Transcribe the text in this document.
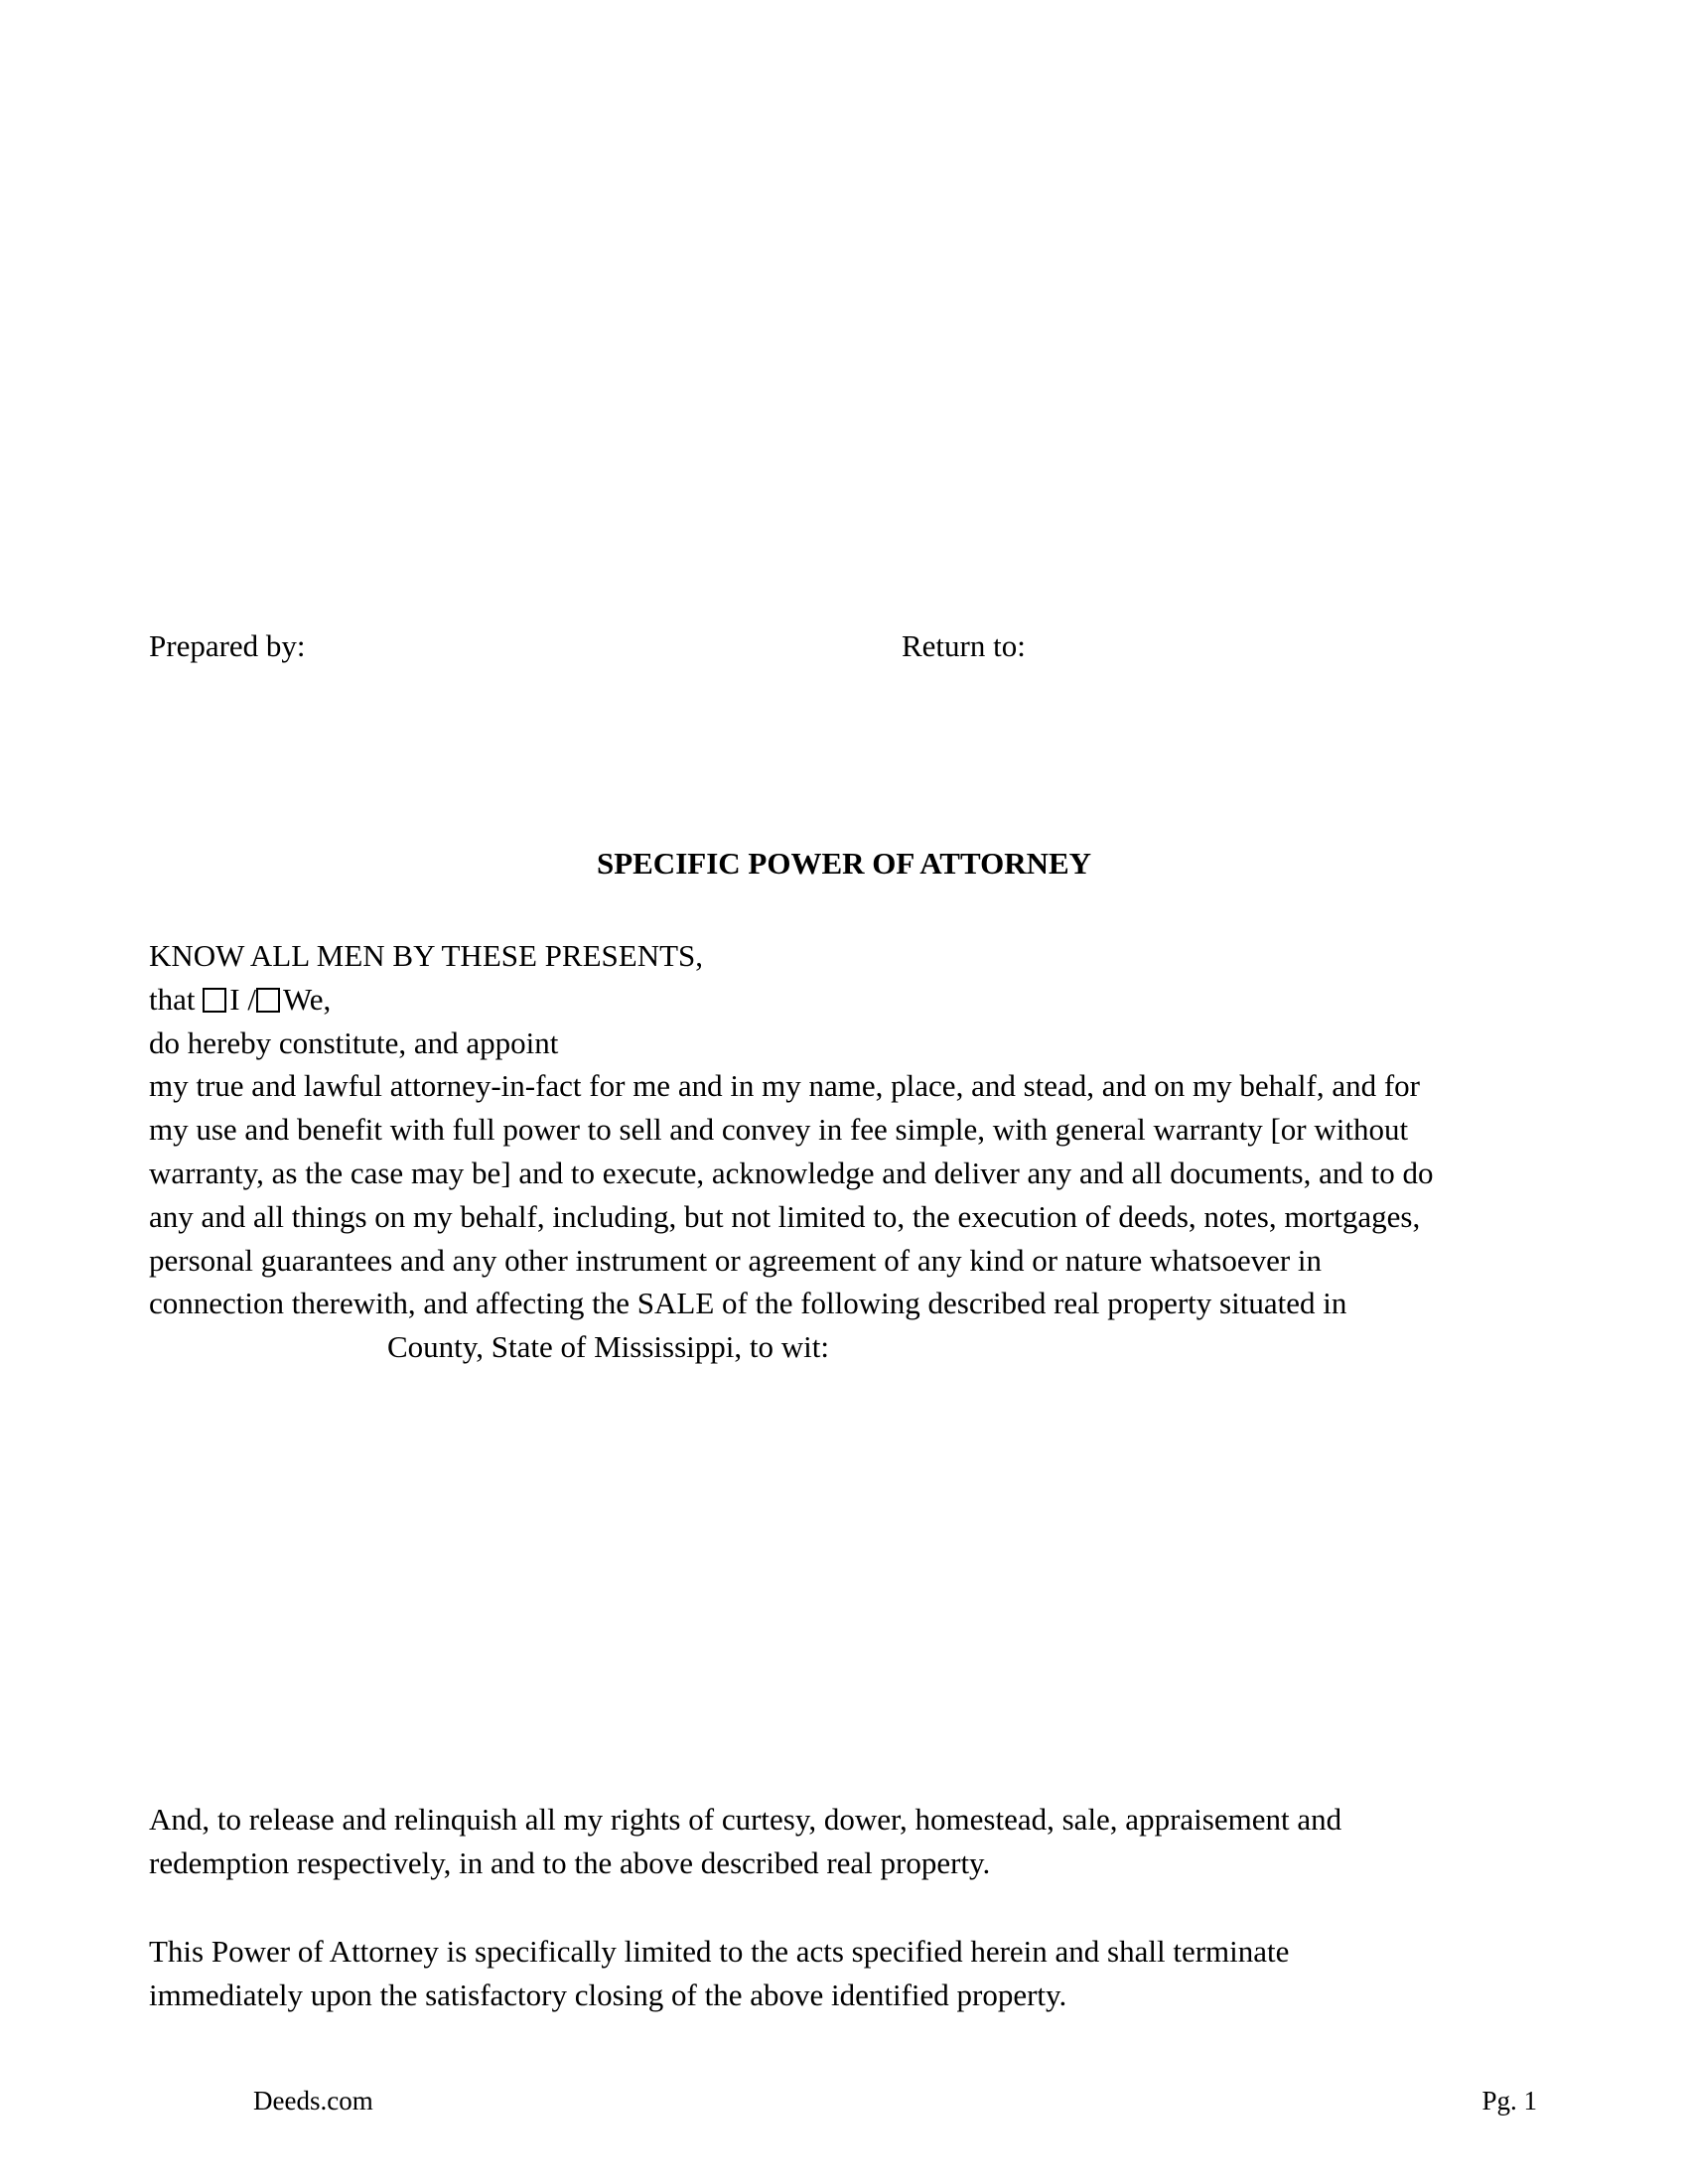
Prepared by:	Return to:
SPECIFIC POWER OF ATTORNEY
KNOW ALL MEN BY THESE PRESENTS,
that I / We,
do hereby constitute, and appoint
my true and lawful attorney-in-fact for me and in my name, place, and stead, and on my behalf, and for
my use and benefit with full power to sell and convey in fee simple, with general warranty [or without
warranty, as the case may be] and to execute, acknowledge and deliver any and all documents, and to do
any and all things on my behalf, including, but not limited to, the execution of deeds, notes, mortgages,
personal guarantees and any other instrument or agreement of any kind or nature whatsoever in
connection therewith, and affecting the SALE of the following described real property situated in
County, State of Mississippi, to wit:
And, to release and relinquish all my rights of curtesy, dower, homestead, sale, appraisement and
redemption respectively, in and to the above described real property.
This Power of Attorney is specifically limited to the acts specified herein and shall terminate
immediately upon the satisfactory closing of the above identified property.
Deeds.com	Pg. 1
